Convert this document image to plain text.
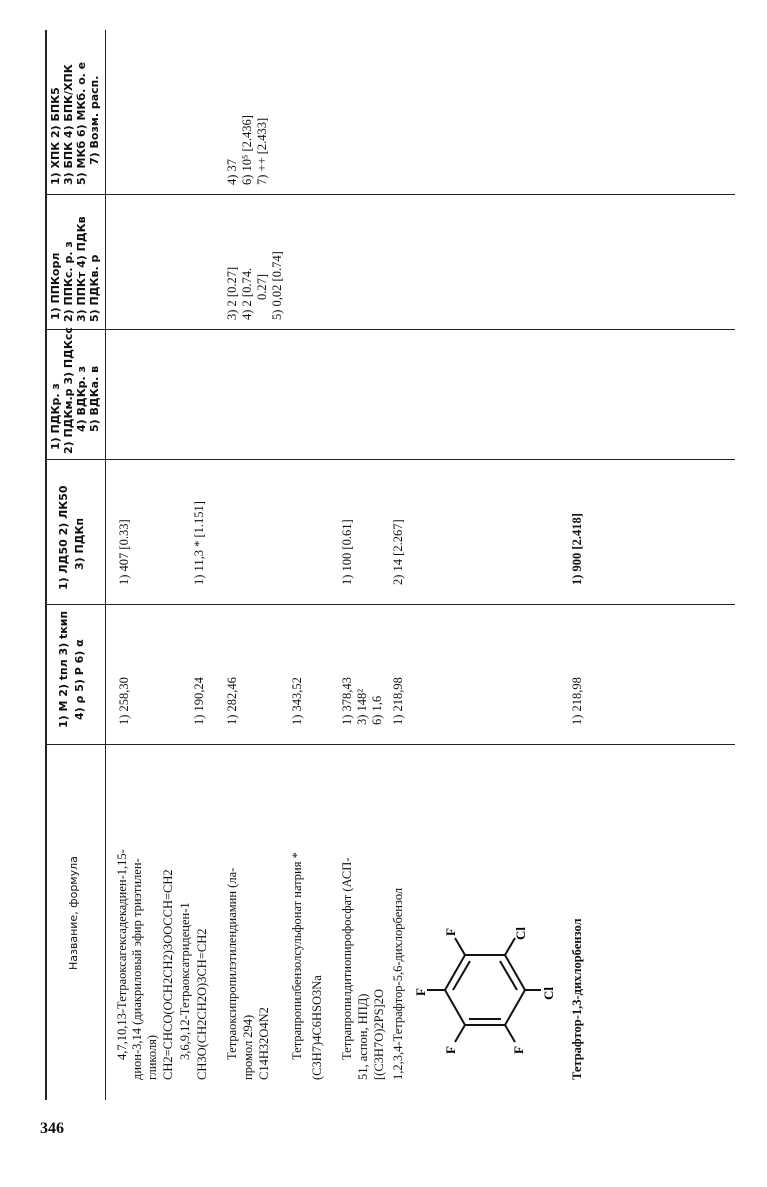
346
Название, формула
1) M 2) tпл 3) tкип 4) ρ 5) P 6) α
1) ЛД50 2) ЛК50 3) ПДКп
1) ПДКр. з 2) ПДКм.р 3) ПДКсс 4) ВДКр. з 5) ВДКа. в
1) ППКорл 2) ППКс. р. з 3) ППКт 4) ПДКв 5) ПДКв. р
1) ХПК 2) БПК5 3) БПК 4) БПК/ХПК 5) МКб 6) МКб. о. е 7) Возм. расп.
4,7,10,13-Тетраоксагексадекадиен-1,15- дион-3,14 (диакриловый эфир триэтилен- гликоля) CH2=CHCO(OCH2CH2)3OOCCH=CH2
1) 258,30
1) 407 [0.33]
3,6,9,12-Тетраоксатридецен-1 CH3O(CH2CH2O)3CH=CH2
1) 190,24
1) 11,3 * [1.151]
Тетраоксипропилэтилендиамин (ла- промол 294) C14H32O4N2
1) 282,46
3) 2 [0.27] 4) 2 [0.74. 0.27] 5) 0,02 [0.74]
4) 37 6) 10⁵ [2.436] 7) ++ [2.433]
Тетрапропилбензолсульфонат натрия * (C3H7)4C6HSO3Na
1) 343,52
Тетрапропилдитиопирофосфат (АСП- 51, аспон, НПД) [(C3H7O)2PS]2O
1) 378,43 3) 148² 6) 1,6
1) 100 [0.61]
1,2,3,4-Тетрафтор-5,6-дихлорбензол
1) 218,98
2) 14 [2.267]
F
F
F
F
Cl
Cl Тетрафтор-1,3-дихлорбензол
1) 218,98
1) 900 [2.418]
